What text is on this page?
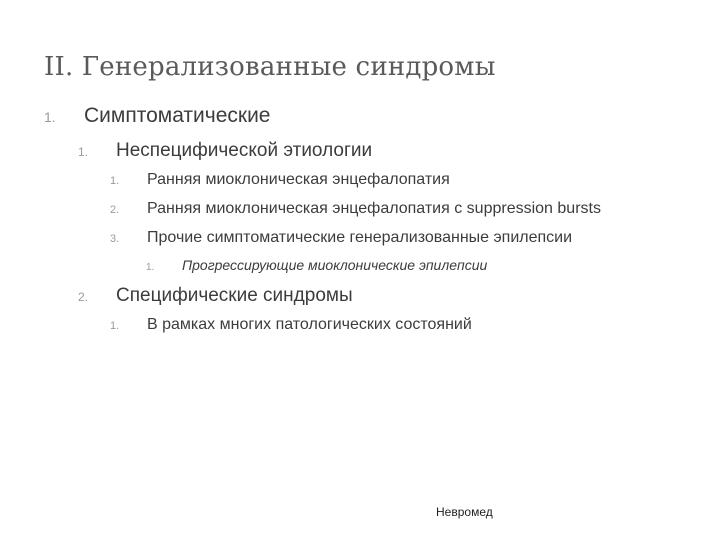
II. Генерализованные синдромы
1.	Симптоматические
1.	Неспецифической этиологии
1.	Ранняя миоклоническая энцефалопатия
2.	Ранняя миоклоническая энцефалопатия с suppression bursts
3.	Прочие симптоматические генерализованные эпилепсии
1.	Прогрессирующие миоклонические эпилепсии
2.	Специфические синдромы
1.	В рамках многих патологических состояний
Невромед
